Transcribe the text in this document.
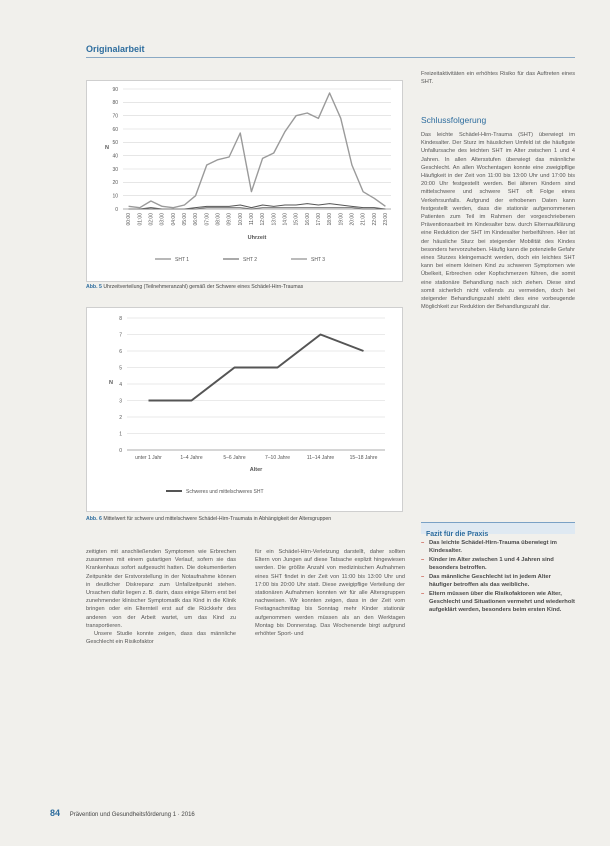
Originalarbeit
0
10
20
30
40
50
60
70
80
90
00:00 01:00 02:00 03:00 04:00 05:00 06:00 07:00 08:00 09:00 10:00 11:00 12:00 13:00 14:00 15:00 16:00 17:00 18:00 19:00 20:00 21:00 22:00 23:00
Uhrzeit
N
SHT 1	SHT 2	SHT 3
Abb. 5 Uhrzeitverteilung (Teilnehmeranzahl) gemäß der Schwere eines Schädel-Hirn-Traumas
0
1
2
3
4
5
6
7
8
unter 1 Jahr	1–4 Jahre	5–6 Jahre	7–10 Jahre	11–14 Jahre	15–18 Jahre
Alter
N
Schweres und mittelschweres SHT
Abb. 6 Mittelwert für schwere und mittelschwere Schädel-Hirn-Traumata in Abhängigkeit der Altersgruppen

zeitigten mit anschließenden Symptomen wie Erbrechen zusammen mit einem gutartigen Verlauf, sofern sie das Krankenhaus sofort aufgesucht hatten. Die dokumentierten Zeitpunkte der Erstvorstellung in der Notaufnahme können in deutlicher Diskrepanz zum Unfallzeitpunkt stehen. Ursachen dafür liegen z. B. darin, dass einige Eltern erst bei zunehmender klinischer Symptomatik das Kind in die Klinik bringen oder ein Elternteil erst auf die Rückkehr des anderen von der Arbeit wartet, um das Kind zu transportieren.

Unsere Studie konnte zeigen, dass das männliche Geschlecht ein Risikofaktor

für ein Schädel-Hirn-Verletzung darstellt, daher sollten Eltern von Jungen auf diese Tatsache explizit hingewiesen werden. Die größte Anzahl von medizinischen Aufnahmen eines SHT findet in der Zeit von 11:00 bis 13:00 Uhr und 17:00 bis 20:00 Uhr statt. Diese zweigipflige Verteilung der stationären Aufnahmen konnten wir für alle Altersgruppen nachweisen. Wir konnten zeigen, dass in der Zeit vom Freitagnachmittag bis Sonntag mehr Kinder stationär aufgenommen werden müssen als an den Werktagen Montag bis Donnerstag. Das Wochenende birgt aufgrund erhöhter Sport- und

Freizeitaktivitäten ein erhöhtes Risiko für das Auftreten eines SHT.

Schlussfolgerung

Das leichte Schädel-Hirn-Trauma (SHT) überwiegt im Kindesalter. Der Sturz im häuslichen Umfeld ist die häufigste Unfallursache des leichten SHT im Alter zwischen 1 und 4 Jahren. In allen Altersstufen überwiegt das männliche Geschlecht. An allen Wochentagen konnte eine zweigipflige Häufigkeit in der Zeit von 11:00 bis 13:00 Uhr und 17:00 bis 20:00 Uhr festgestellt werden. Bei älteren Kindern sind mittelschwere und schwere SHT oft Folge eines Verkehrsunfalls. Aufgrund der erhobenen Daten kann festgestellt werden, dass die stationär aufgenommenen Patienten zum Teil im Rahmen der vorgeschriebenen Präventionsarbeit im Kindesalter bzw. durch Elternaufklärung eine Reduktion der SHT im Kindesalter herbeiführen. Hier ist der häusliche Sturz bei steigender Mobilität des Kindes besonders hervorzuheben. Häufig kann die potenzielle Gefahr eines Sturzes kleingemacht werden, doch ein leichtes SHT kann bei einem kleinen Kind zu schweren Symptomen wie Übelkeit, Erbrechen oder Kopfschmerzen führen, die somit eine stationäre Behandlung nach sich ziehen. Diese sind somit sicherlich nicht vollends zu vermeiden, doch bei steigender Behandlungszahl steht dies eine vorbeugende Möglichkeit zur Reduktion der Behandlungszahl dar.

Fazit für die Praxis
– Das leichte Schädel-Hirn-Trauma überwiegt im Kindesalter.
– Kinder im Alter zwischen 1 und 4 Jahren sind besonders betroffen.
– Das männliche Geschlecht ist in jedem Alter häufiger betroffen als das weibliche.
– Eltern müssen über die Risikofaktoren wie Alter, Geschlecht und Situationen vermehrt und wiederholt aufgeklärt werden, besonders beim ersten Kind.
84 Prävention und Gesundheitsförderung 1 · 2016
